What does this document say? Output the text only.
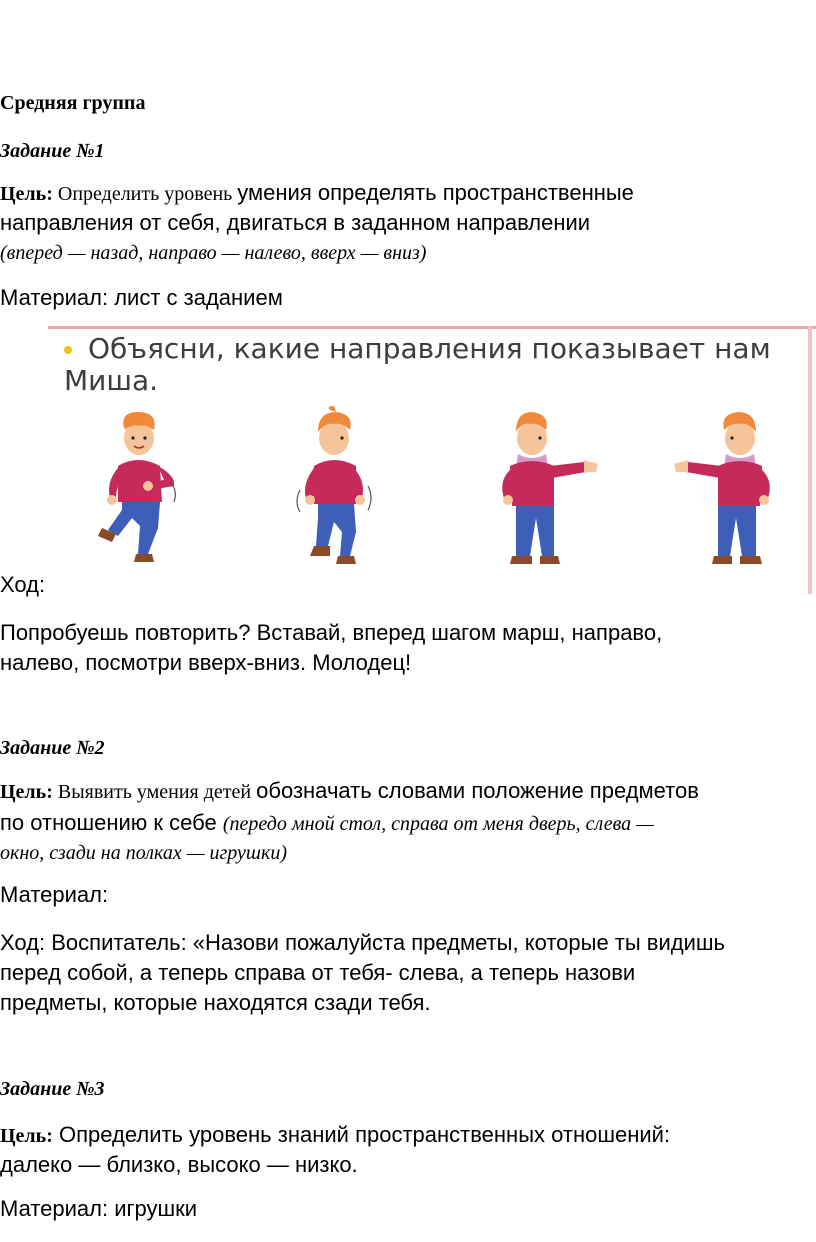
Средняя группа
Задание №1
Цель: Определить уровень умения определять пространственные
направления от себя, двигаться в заданном направлении
(вперед — назад, направо — налево, вверх — вниз)
Материал: лист с заданием
Объясни, какие направления показывает нам
Миша.
Ход:
Попробуешь повторить? Вставай, вперед шагом марш, направо,
налево, посмотри вверх-вниз. Молодец!
Задание №2
Цель: Выявить умения детей обозначать словами положение предметов
по отношению к себе (передо мной стол, справа от меня дверь, слева —
окно, сзади на полках — игрушки)
Материал:
Ход: Воспитатель: «Назови пожалуйста предметы, которые ты видишь
перед собой, а теперь справа от тебя- слева, а теперь назови
предметы, которые находятся сзади тебя.
Задание №3
Цель: Определить уровень знаний пространственных отношений:
далеко — близко, высоко — низко.
Материал: игрушки
